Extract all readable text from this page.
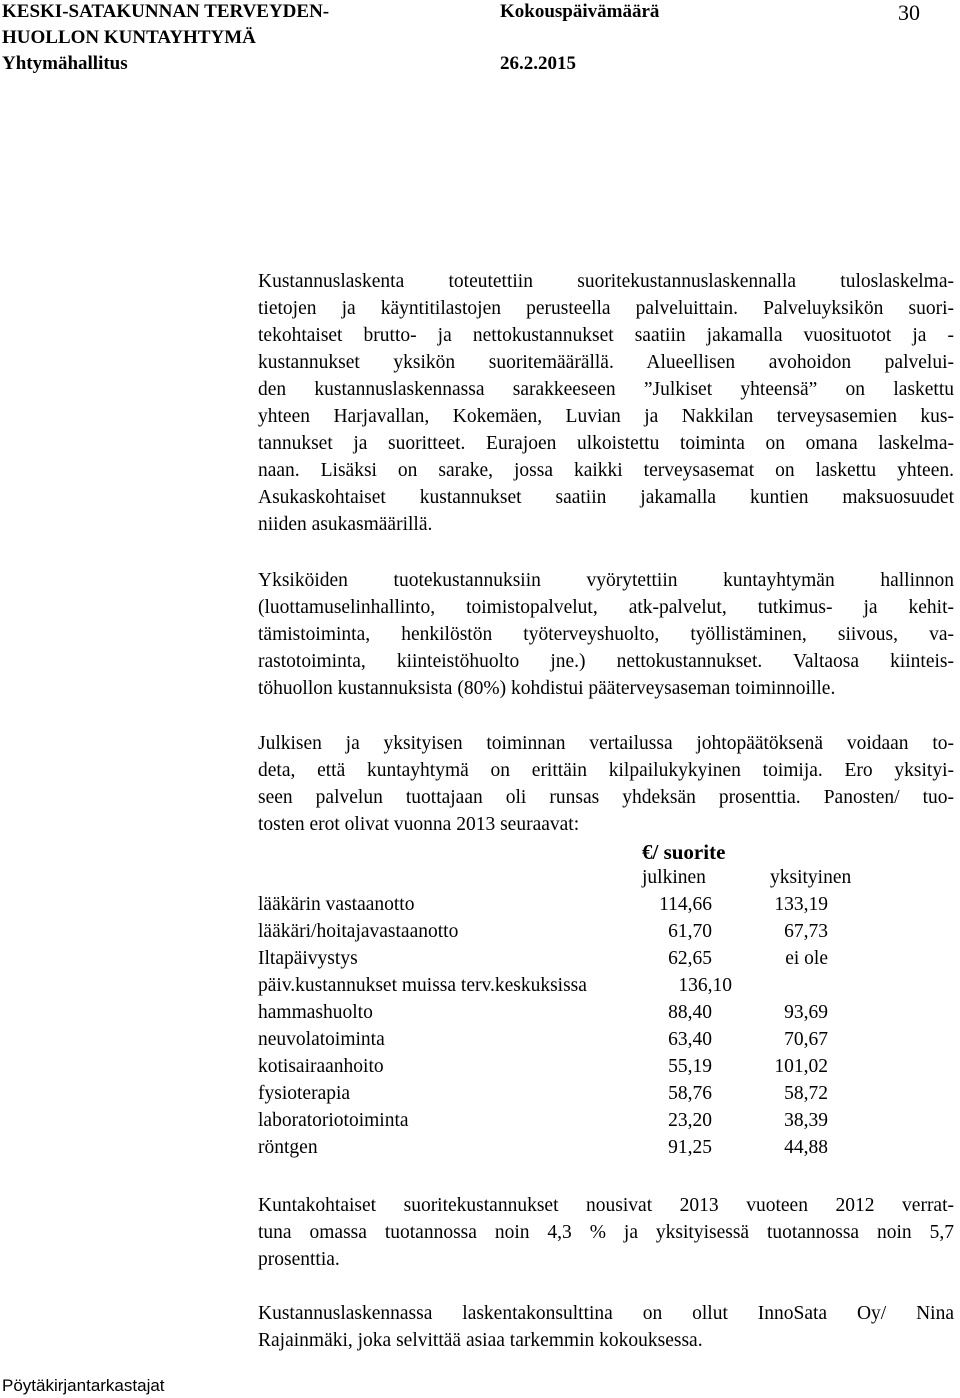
KESKI-SATAKUNNAN TERVEYDEN-
HUOLLON KUNTAYHTYMÄ
Yhtymähallitus
Kokouspäivämäärä
26.2.2015
30
Kustannuslaskenta toteutettiin suoritekustannuslaskennalla tuloslaskelma-
tietojen ja käyntitilastojen perusteella palveluittain. Palveluyksikön suori-
tekohtaiset brutto- ja nettokustannukset saatiin jakamalla vuosituotot ja -
kustannukset yksikön suoritemäärällä. Alueellisen avohoidon palvelui-
den kustannuslaskennassa sarakkeeseen ”Julkiset yhteensä” on laskettu
yhteen Harjavallan, Kokemäen, Luvian ja Nakkilan terveysasemien kus-
tannukset ja suoritteet. Eurajoen ulkoistettu toiminta on omana laskelma-
naan. Lisäksi on sarake, jossa kaikki terveysasemat on laskettu yhteen.
Asukaskohtaiset kustannukset saatiin jakamalla kuntien maksuosuudet
niiden asukasmäärillä.
Yksiköiden tuotekustannuksiin vyörytettiin kuntayhtymän hallinnon
(luottamuselinhallinto, toimistopalvelut, atk-palvelut, tutkimus- ja kehit-
tämistoiminta, henkilöstön työterveyshuolto, työllistäminen, siivous, va-
rastotoiminta, kiinteistöhuolto jne.) nettokustannukset. Valtaosa kiinteis-
töhuollon kustannuksista (80%) kohdistui pääterveysaseman toiminnoille.
Julkisen ja yksityisen toiminnan vertailussa johtopäätöksenä voidaan to-
deta, että kuntayhtymä on erittäin kilpailukykyinen toimija. Ero yksityi-
seen palvelun tuottajaan oli runsas yhdeksän prosenttia. Panosten/ tuo-
tosten erot olivat vuonna 2013 seuraavat:
€/ suorite
julkinen	yksityinen
lääkärin vastaanotto	114,66	133,19
lääkäri/hoitajavastaanotto	61,70	67,73
Iltapäivystys	62,65	ei ole
päiv.kustannukset muissa terv.keskuksissa	136,10
hammashuolto	88,40	93,69
neuvolatoiminta	63,40	70,67
kotisairaanhoito	55,19	101,02
fysioterapia	58,76	58,72
laboratoriotoiminta	23,20	38,39
röntgen	91,25	44,88
Kuntakohtaiset suoritekustannukset nousivat 2013 vuoteen 2012 verrat-
tuna omassa tuotannossa noin 4,3 % ja yksityisessä tuotannossa noin 5,7
prosenttia.
Kustannuslaskennassa laskentakonsulttina on ollut InnoSata Oy/ Nina
Rajainmäki, joka selvittää asiaa tarkemmin kokouksessa.
Pöytäkirjantarkastajat
